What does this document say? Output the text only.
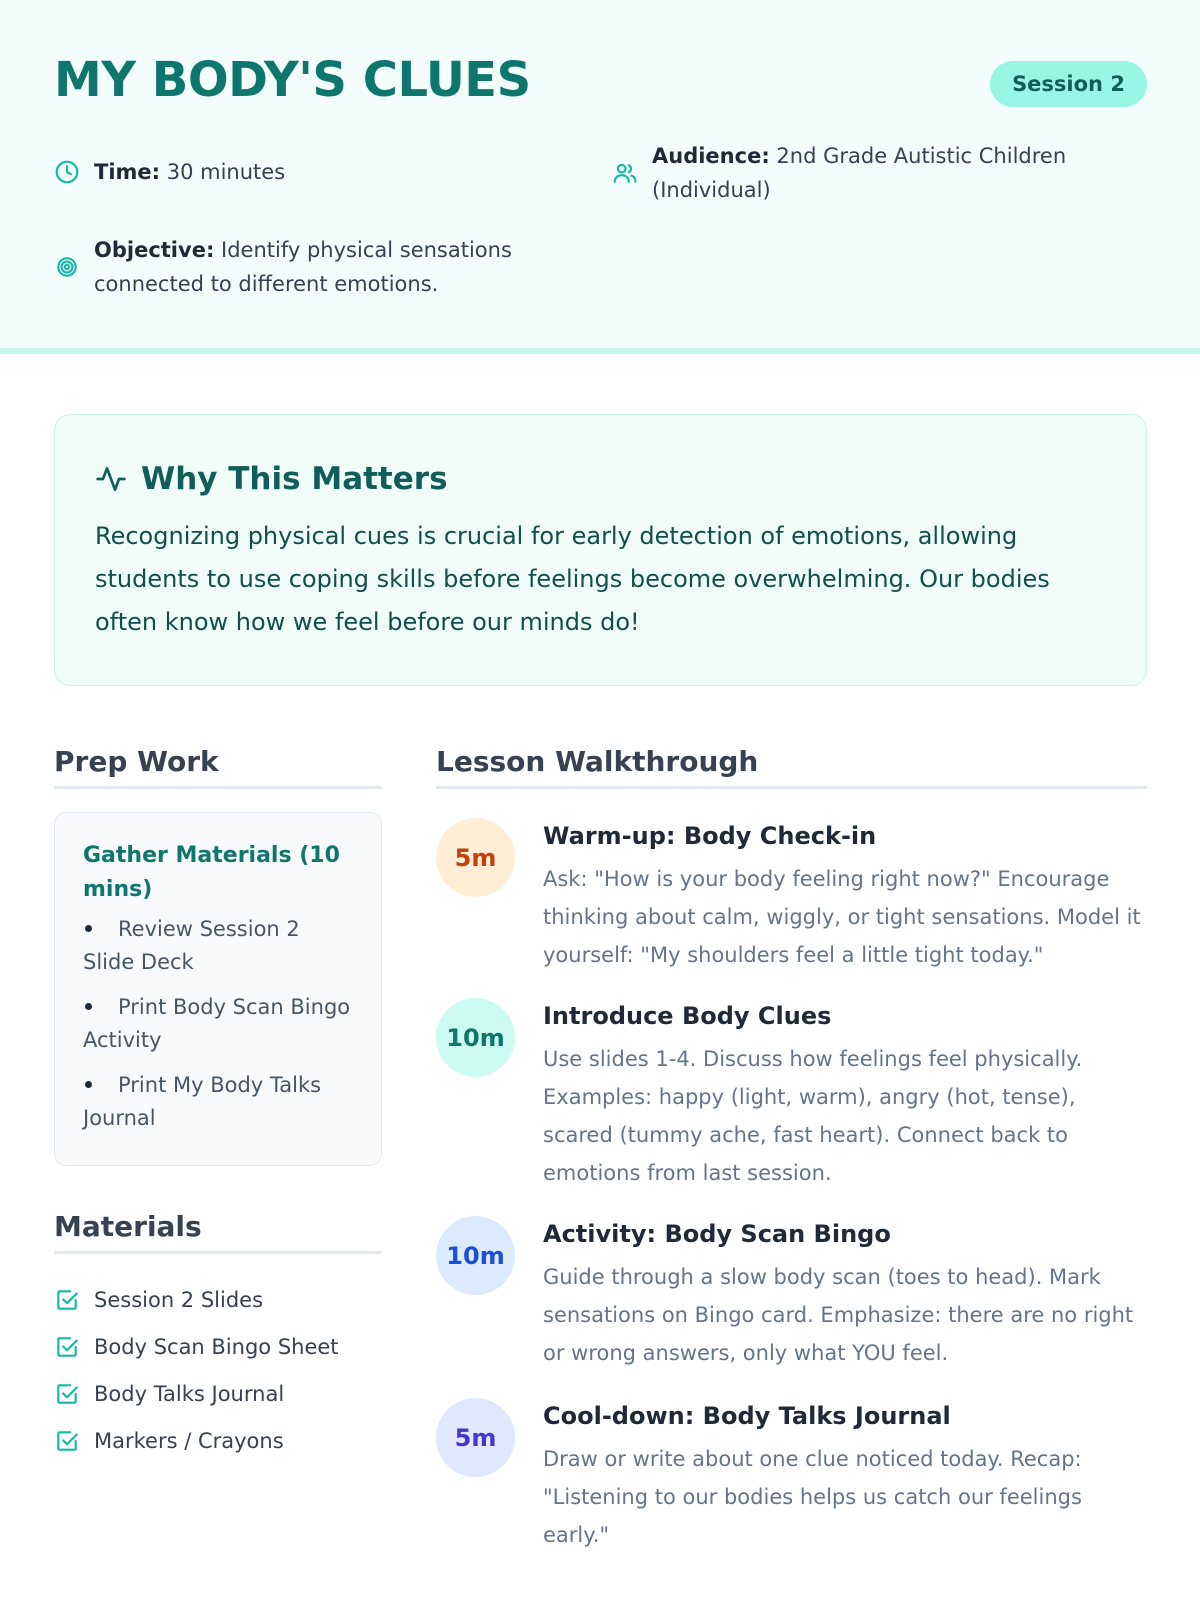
MY BODY'S CLUES	Session 2
Time: 30 minutes
Audience: 2nd Grade Autistic Children (Individual)
Objective: Identify physical sensations connected to different emotions.
Why This Matters

Recognizing physical cues is crucial for early detection of emotions, allowing students to use coping skills before feelings become overwhelming. Our bodies often know how we feel before our minds do!

Prep Work
Gather Materials (10 mins)
Review Session 2 Slide Deck
Print Body Scan Bingo Activity
Print My Body Talks Journal
Materials
Session 2 Slides
Body Scan Bingo Sheet
Body Talks Journal
Markers / Crayons
Lesson Walkthrough
5m
Warm-up: Body Check-in

Ask: "How is your body feeling right now?" Encourage thinking about calm, wiggly, or tight sensations. Model it yourself: "My shoulders feel a little tight today."

10m
Introduce Body Clues

Use slides 1-4. Discuss how feelings feel physically. Examples: happy (light, warm), angry (hot, tense), scared (tummy ache, fast heart). Connect back to emotions from last session.

10m
Activity: Body Scan Bingo

Guide through a slow body scan (toes to head). Mark sensations on Bingo card. Emphasize: there are no right or wrong answers, only what YOU feel.

5m
Cool-down: Body Talks Journal

Draw or write about one clue noticed today. Recap: "Listening to our bodies helps us catch our feelings early."
